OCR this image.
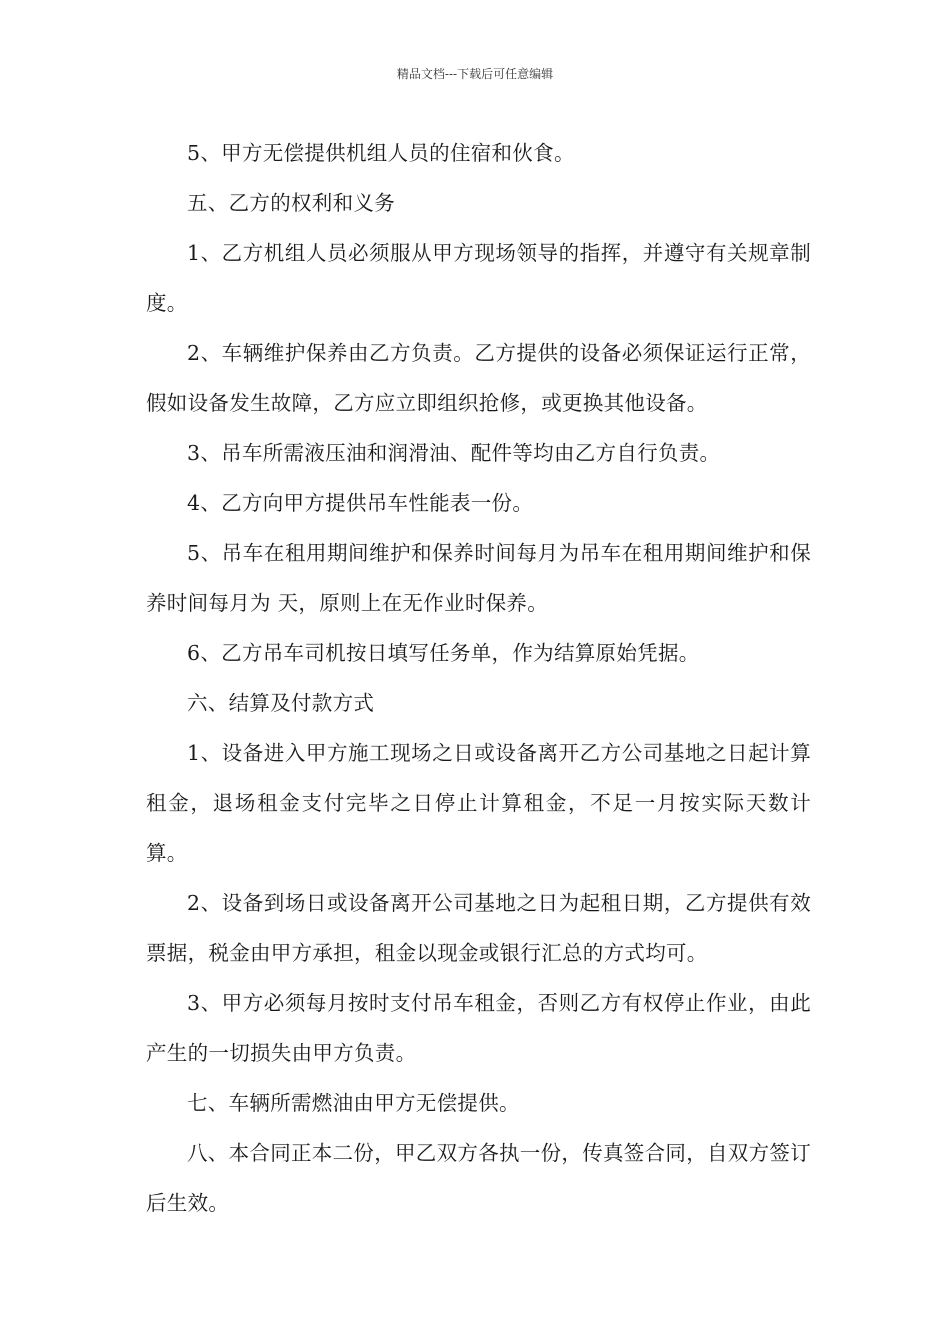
精品文档---下载后可任意编辑

5、甲方无偿提供机组人员的住宿和伙食。

五、乙方的权利和义务

1、乙方机组人员必须服从甲方现场领导的指挥，并遵守有关规章制度。

2、车辆维护保养由乙方负责。乙方提供的设备必须保证运行正常，假如设备发生故障，乙方应立即组织抢修，或更换其他设备。

3、吊车所需液压油和润滑油、配件等均由乙方自行负责。

4、乙方向甲方提供吊车性能表一份。

5、吊车在租用期间维护和保养时间每月为吊车在租用期间维护和保养时间每月为 天，原则上在无作业时保养。

6、乙方吊车司机按日填写任务单，作为结算原始凭据。

六、结算及付款方式

1、设备进入甲方施工现场之日或设备离开乙方公司基地之日起计算租金，退场租金支付完毕之日停止计算租金，不足一月按实际天数计算。

2、设备到场日或设备离开公司基地之日为起租日期，乙方提供有效票据，税金由甲方承担，租金以现金或银行汇总的方式均可。

3、甲方必须每月按时支付吊车租金，否则乙方有权停止作业，由此产生的一切损失由甲方负责。

七、车辆所需燃油由甲方无偿提供。

八、本合同正本二份，甲乙双方各执一份，传真签合同，自双方签订后生效。
